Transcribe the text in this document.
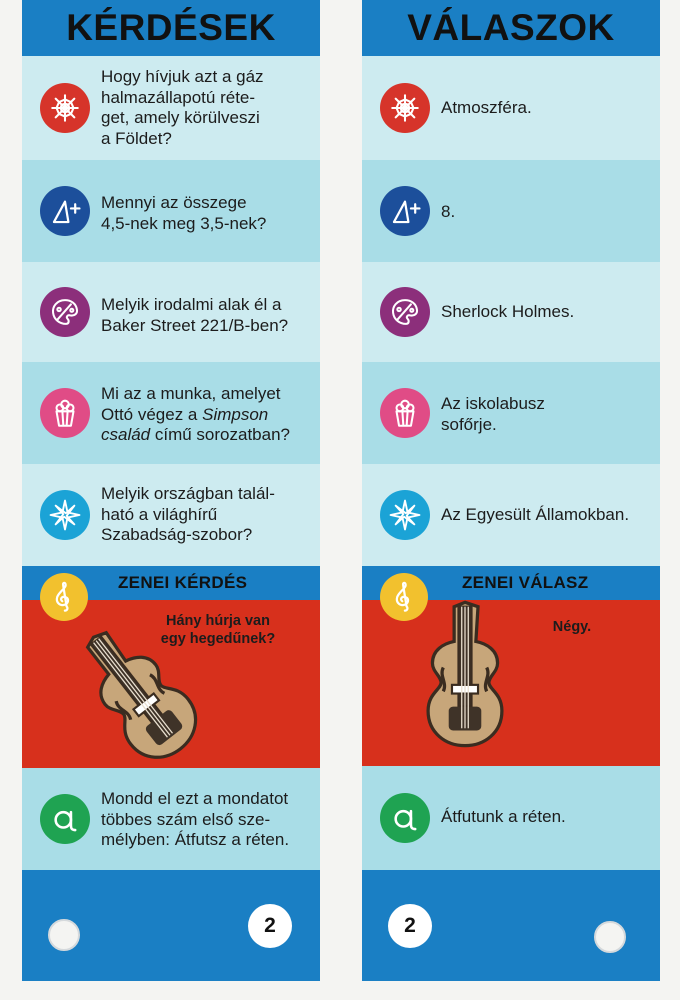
KÉRDÉSEK
Hogy hívjuk azt a gáz
halmazállapotú réte-
get, amely körülveszi
a Földet?
Mennyi az összege
4,5-nek meg 3,5-nek?
Melyik irodalmi alak él a
Baker Street 221/B-ben?
Mi az a munka, amelyet
Ottó végez a Simpson
család című sorozatban?
Melyik országban talál-
ható a világhírű
Szabadság-szobor?
ZENEI KÉRDÉS
Hány húrja van
egy hegedűnek?
Mondd el ezt a mondatot
többes szám első sze-
mélyben: Átfutsz a réten.
2
VÁLASZOK
Atmoszféra.
8.
Sherlock Holmes.
Az iskolabusz
sofőrje.
Az Egyesült Államokban.
ZENEI VÁLASZ
Négy.
Átfutunk a réten.
2
